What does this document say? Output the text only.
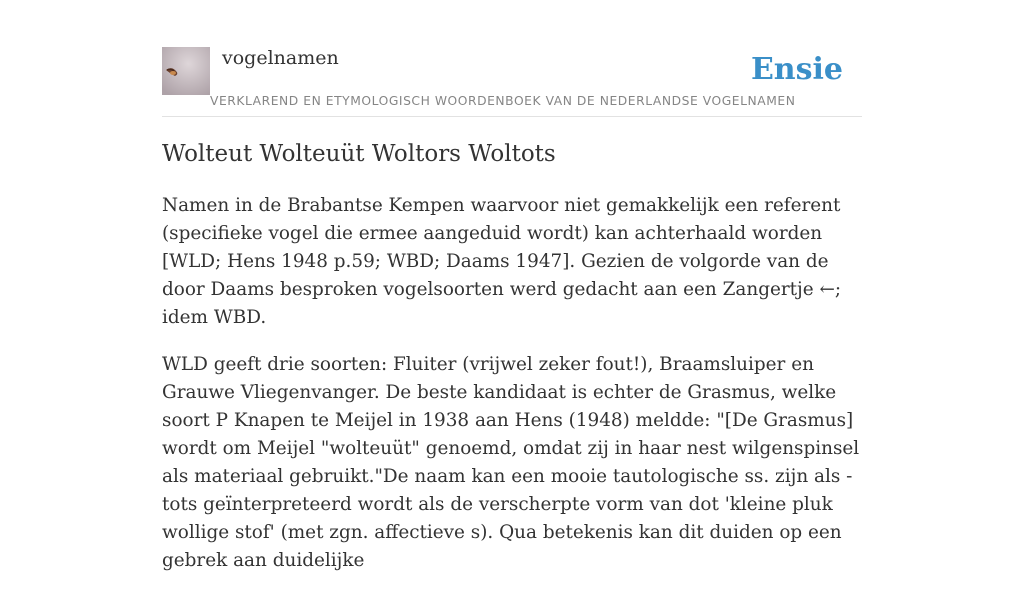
vogelnamen	Ensie
VERKLAREND EN ETYMOLOGISCH WOORDENBOEK VAN DE NEDERLANDSE VOGELNAMEN
Wolteut Wolteuüt Woltors Woltots

Namen in de Brabantse Kempen waarvoor niet gemakkelijk een referent (specifieke vogel die ermee aangeduid wordt) kan achterhaald worden [WLD; Hens 1948 p.59; WBD; Daams 1947]. Gezien de volgorde van de door Daams besproken vogelsoorten werd gedacht aan een Zangertje ←; idem WBD.

WLD geeft drie soorten: Fluiter (vrijwel zeker fout!), Braamsluiper en Grauwe Vliegenvanger. De beste kandidaat is echter de Grasmus, welke soort P Knapen te Meijel in 1938 aan Hens (1948) meldde: "[De Grasmus] wordt om Meijel "wolteuüt" genoemd, omdat zij in haar nest wilgenspinsel als materiaal gebruikt."De naam kan een mooie tautologische ss. zijn als -tots geïnterpreteerd wordt als de verscherpte vorm van dot 'kleine pluk wollige stof' (met zgn. affectieve s). Qua betekenis kan dit duiden op een gebrek aan duidelijke
